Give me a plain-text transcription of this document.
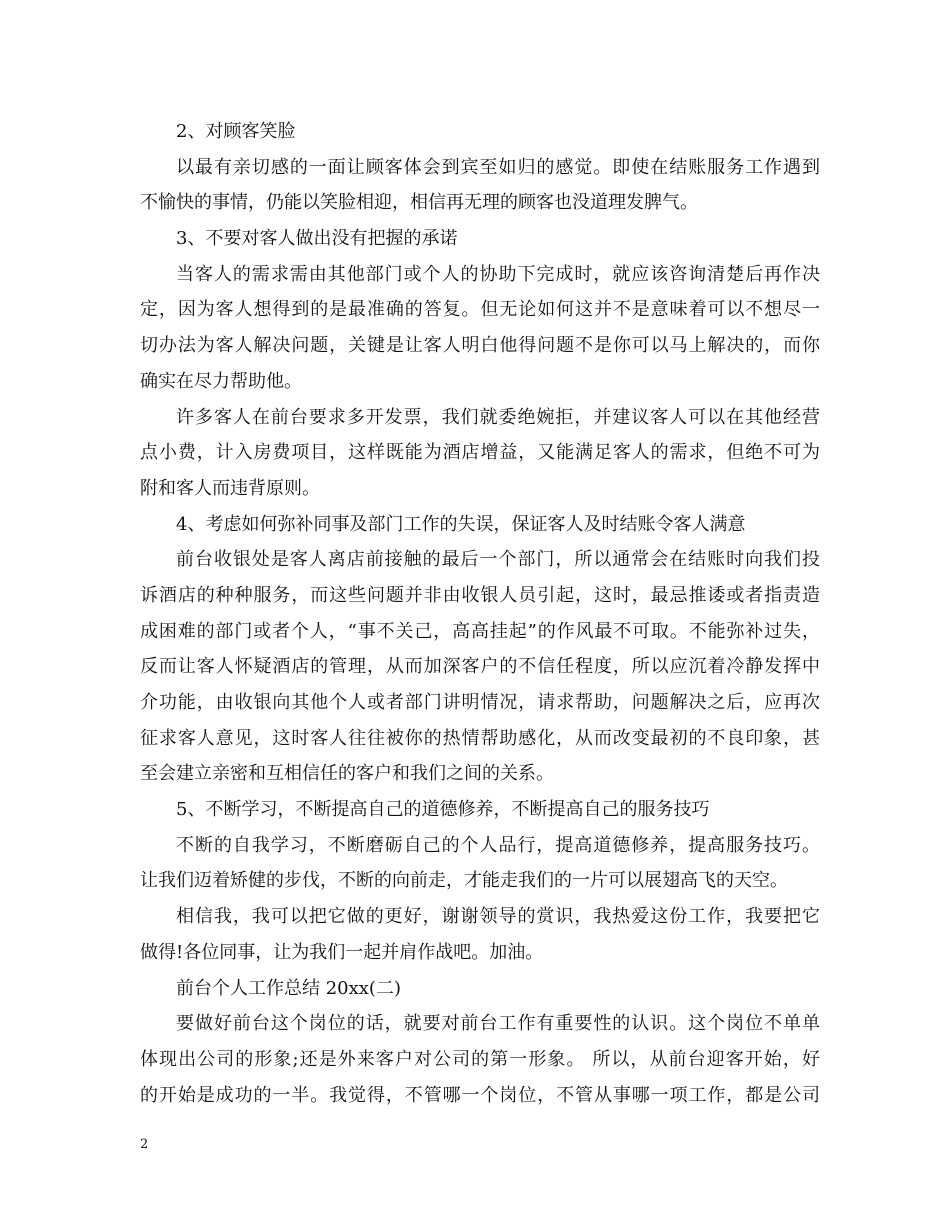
2、对顾客笑脸
以最有亲切感的一面让顾客体会到宾至如归的感觉。即使在结账服务工作遇到
不愉快的事情，仍能以笑脸相迎，相信再无理的顾客也没道理发脾气。
3、不要对客人做出没有把握的承诺
当客人的需求需由其他部门或个人的协助下完成时，就应该咨询清楚后再作决
定，因为客人想得到的是最准确的答复。但无论如何这并不是意味着可以不想尽一
切办法为客人解决问题，关键是让客人明白他得问题不是你可以马上解决的，而你
确实在尽力帮助他。
许多客人在前台要求多开发票，我们就委绝婉拒，并建议客人可以在其他经营
点小费，计入房费项目，这样既能为酒店增益，又能满足客人的需求，但绝不可为
附和客人而违背原则。
4、考虑如何弥补同事及部门工作的失误，保证客人及时结账令客人满意
前台收银处是客人离店前接触的最后一个部门，所以通常会在结账时向我们投
诉酒店的种种服务，而这些问题并非由收银人员引起，这时，最忌推诿或者指责造
成困难的部门或者个人，“事不关己，高高挂起”的作风最不可取。不能弥补过失，
反而让客人怀疑酒店的管理，从而加深客户的不信任程度，所以应沉着冷静发挥中
介功能，由收银向其他个人或者部门讲明情况，请求帮助，问题解决之后，应再次
征求客人意见，这时客人往往被你的热情帮助感化，从而改变最初的不良印象，甚
至会建立亲密和互相信任的客户和我们之间的关系。
5、不断学习，不断提高自己的道德修养，不断提高自己的服务技巧
不断的自我学习，不断磨砺自己的个人品行，提高道德修养，提高服务技巧。
让我们迈着矫健的步伐，不断的向前走，才能走我们的一片可以展翅高飞的天空。
相信我，我可以把它做的更好，谢谢领导的赏识，我热爱这份工作，我要把它
做得!各位同事，让为我们一起并肩作战吧。加油。
前台个人工作总结 20xx(二)
要做好前台这个岗位的话，就要对前台工作有重要性的认识。这个岗位不单单
体现出公司的形象;还是外来客户对公司的第一形象。 所以，从前台迎客开始，好
的开始是成功的一半。我觉得，不管哪一个岗位，不管从事哪一项工作，都是公司
2
